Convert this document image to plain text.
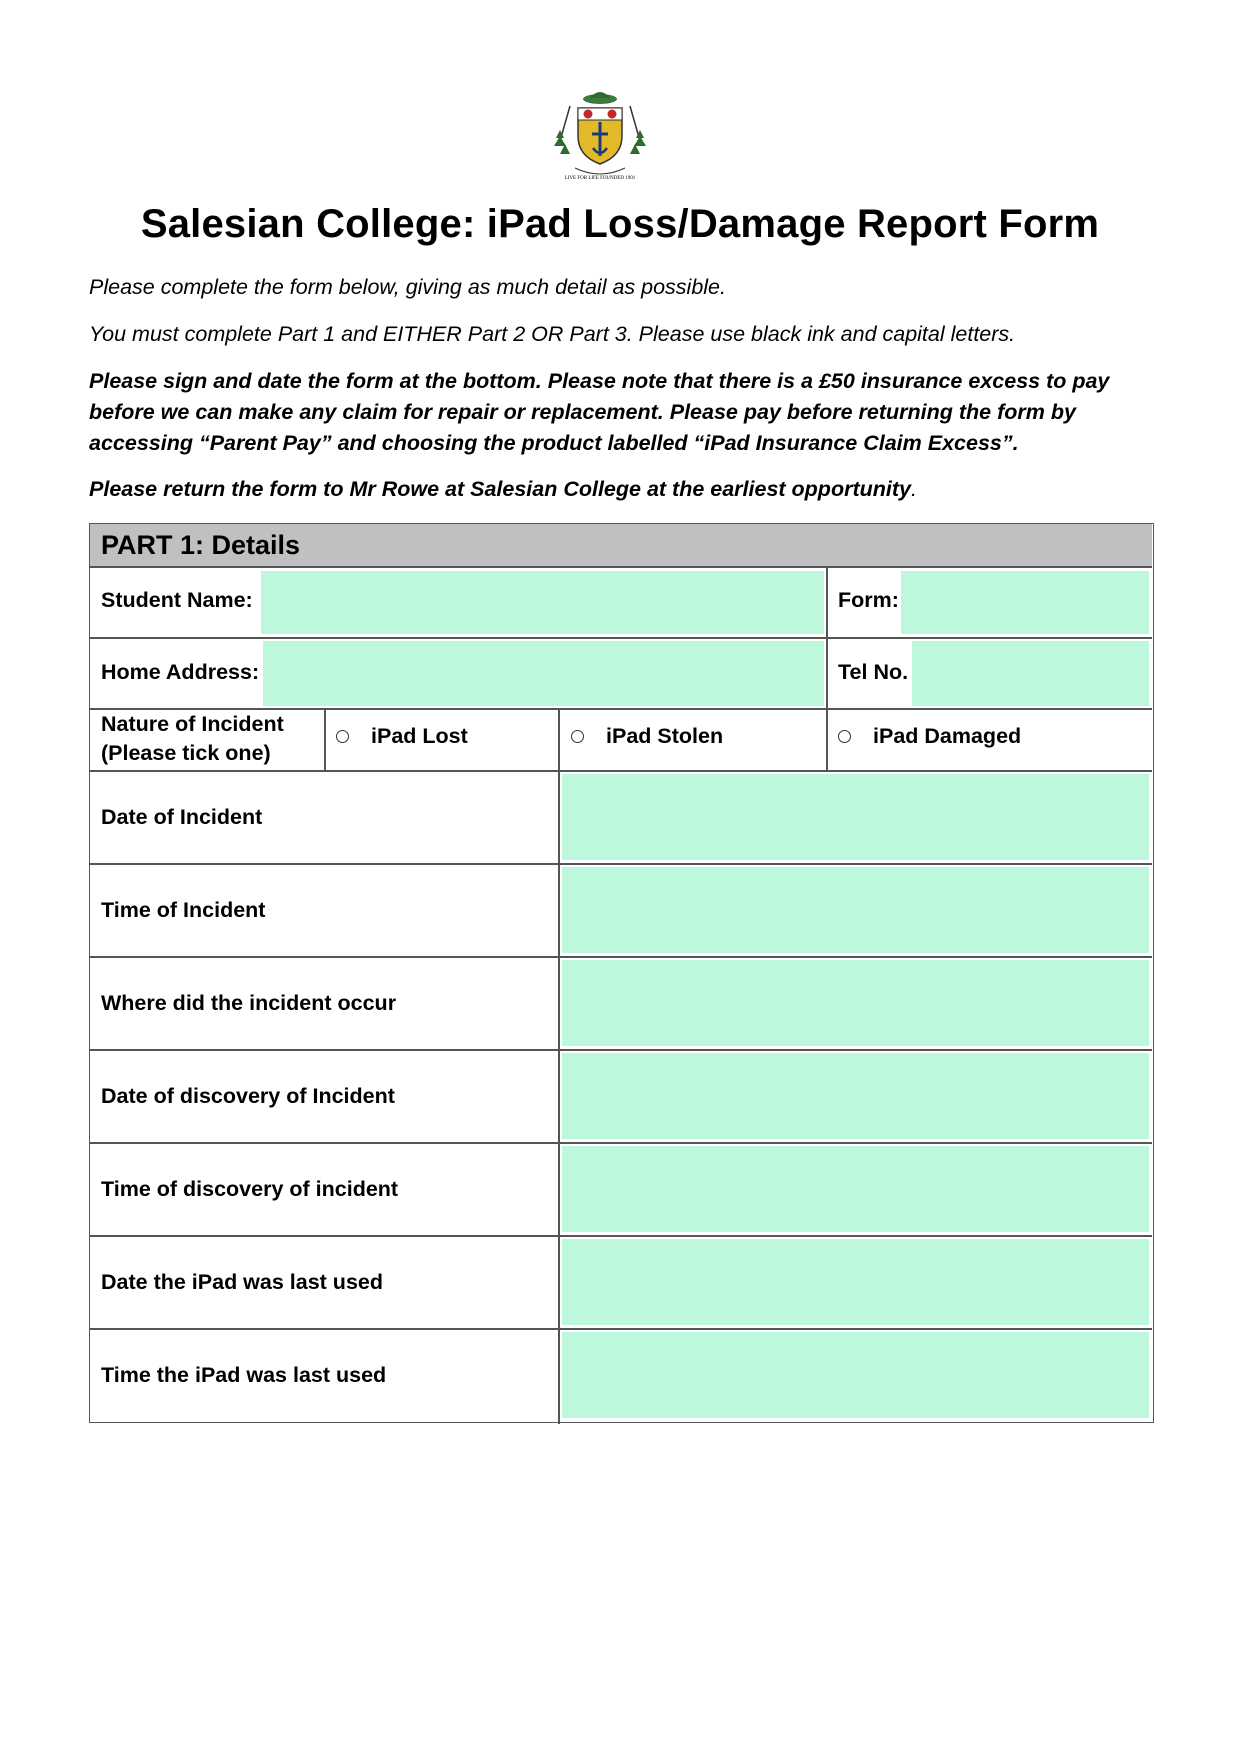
LIVE FOR LIFE FOUNDED 1901
Salesian College: iPad Loss/Damage Report Form
Please complete the form below, giving as much detail as possible.
You must complete Part 1 and EITHER Part 2 OR Part 3. Please use black ink and capital letters.
Please sign and date the form at the bottom. Please note that there is a £50 insurance excess to pay before we can make any claim for repair or replacement. Please pay before returning the form by accessing “Parent Pay” and choosing the product labelled “iPad Insurance Claim Excess”.
Please return the form to Mr Rowe at Salesian College at the earliest opportunity.
PART 1: Details
Student Name:	Form:
Home Address:	Tel No.
Nature of Incident
(Please tick one)
iPad Lost	iPad Stolen	iPad Damaged
Date of Incident
Time of Incident
Where did the incident occur
Date of discovery of Incident
Time of discovery of incident
Date the iPad was last used
Time the iPad was last used
